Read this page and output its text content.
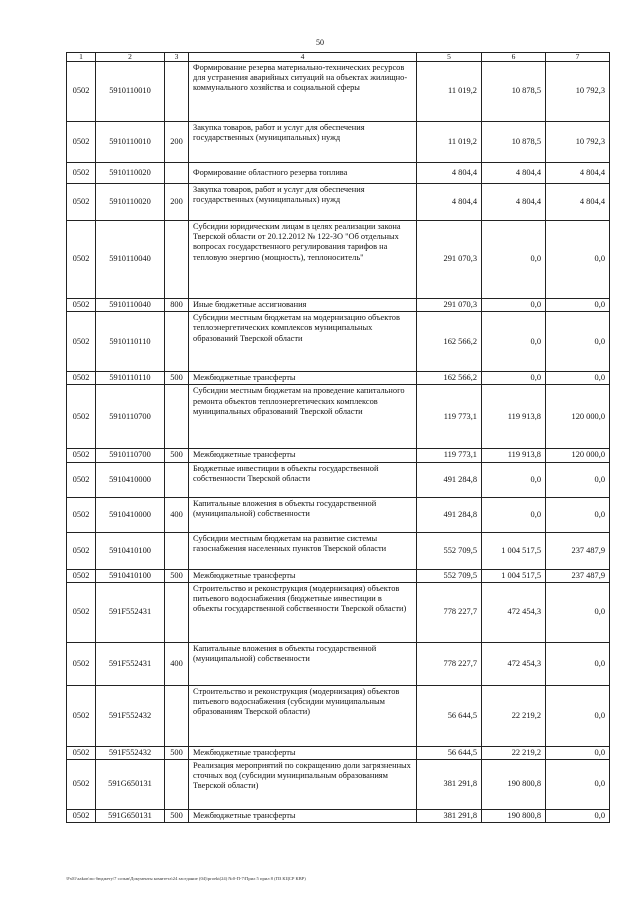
50
1	2	3	4	5	6	7
0502	5910110010		Формирование резерва материально-технических ресурсов для устранения аварийных ситуаций на объектах жилищно-коммунального хозяйства и социальной сферы	11 019,2	10 878,5	10 792,3
0502	5910110010	200	Закупка товаров, работ и услуг для обеспечения государственных (муниципальных) нужд	11 019,2	10 878,5	10 792,3
0502	5910110020		Формирование областного резерва топлива	4 804,4	4 804,4	4 804,4
0502	5910110020	200	Закупка товаров, работ и услуг для обеспечения государственных (муниципальных) нужд	4 804,4	4 804,4	4 804,4
0502	5910110040		Субсидии юридическим лицам в целях реализации закона Тверской области от 20.12.2012 № 122-ЗО "Об отдельных вопросах государственного регулирования тарифов на тепловую энергию (мощность), теплоноситель"	291 070,3	0,0	0,0
0502	5910110040	800	Иные бюджетные ассигнования	291 070,3	0,0	0,0
0502	5910110110		Субсидии местным бюджетам на модернизацию объектов теплоэнергетических комплексов муниципальных образований Тверской области	162 566,2	0,0	0,0
0502	5910110110	500	Межбюджетные трансферты	162 566,2	0,0	0,0
0502	5910110700		Субсидии местным бюджетам на проведение капитального ремонта объектов теплоэнергетических комплексов муниципальных образований Тверской области	119 773,1	119 913,8	120 000,0
0502	5910110700	500	Межбюджетные трансферты	119 773,1	119 913,8	120 000,0
0502	5910410000		Бюджетные инвестиции в объекты государственной собственности Тверской области	491 284,8	0,0	0,0
0502	5910410000	400	Капитальные вложения в объекты государственной (муниципальной) собственности	491 284,8	0,0	0,0
0502	5910410100		Субсидии местным бюджетам на развитие системы газоснабжения населенных пунктов Тверской области	552 709,5	1 004 517,5	237 487,9
0502	5910410100	500	Межбюджетные трансферты	552 709,5	1 004 517,5	237 487,9
0502	591F552431		Строительство и реконструкция (модернизация) объектов питьевого водоснабжения (бюджетные инвестиции в объекты государственной собственности Тверской области)	778 227,7	472 454,3	0,0
0502	591F552431	400	Капитальные вложения в объекты государственной (муниципальной) собственности	778 227,7	472 454,3	0,0
0502	591F552432		Строительство и реконструкция (модернизация) объектов питьевого водоснабжения (субсидии муниципальным образованиям Тверской области)	56 644,5	22 219,2	0,0
0502	591F552432	500	Межбюджетные трансферты	56 644,5	22 219,2	0,0
0502	591G650131		Реализация мероприятий по сокращению доли загрязненных сточных вод (субсидии муниципальным образованиям Тверской области)	381 291,8	190 800,8	0,0
0502	591G650131	500	Межбюджетные трансферты	381 291,8	190 800,8	0,0
\Fs01\zakon\по бюджету\7 созыв\Документы комитета\24 заседание (04)\proekt(24) №0-П-7\Прил 5 прил 8 (ПЗ КЦСР КВР)
